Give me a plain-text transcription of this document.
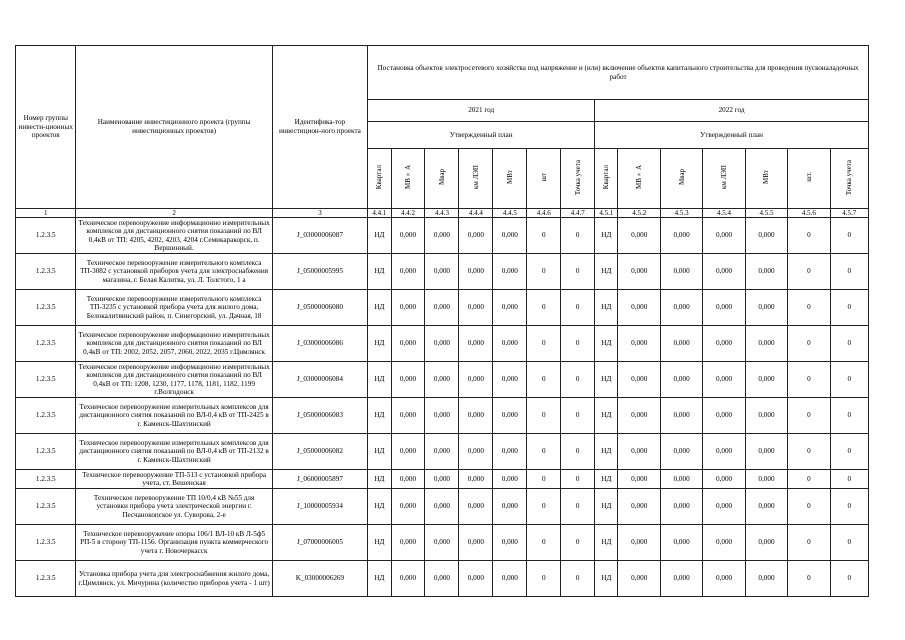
Номер группы инвести-ционных проектов	Наименование инвестиционного проекта (группы инвестиционных проектов)	Идентифика-тор инвестицион-ного проекта	Постановка объектов электросетевого хозяйства под напряжение и (или) включение объектов капитального строительства для проведения пусконаладочных работ													
			2021 год							2022 год						
			Утвержденный план							Утвержденный план						
			Квартал	МВ×А	Мвар	км ЛЭП	МВт	шт	Точка учета	Квартал	МВ×А	Мвар	км ЛЭП	МВт	шт.	Точка учета
1	2	3	4.4.1	4.4.2	4.4.3	4.4.4	4.4.5	4.4.6	4.4.7	4.5.1	4.5.2	4.5.3	4.5.4	4.5.5	4.5.6	4.5.7
1.2.3.5	Техническое перевооружение информационно измерительных комплексов для дистанционного снятия показаний по ВЛ 0,4кВ от ТП: 4205, 4202, 4203, 4204 г.Семикаракорск, п. Вершинный.	J_03000006087	НД	0,000	0,000	0,000	0,000	0	0	НД	0,000	0,000	0,000	0,000	0	0
1.2.3.5	Техническое перевооружение измерительного комплекса ТП-3082 с установкой приборов учета для электроснабжения магазина, г. Белая Калитва, ул. Л. Толстого, 1 а	J_05000005995	НД	0,000	0,000	0,000	0,000	0	0	НД	0,000	0,000	0,000	0,000	0	0
1.2.3.5	Техническое перевооружение измерительного комплекса ТП-3235 с установкой прибора учета для жилого дома, Белокалитвинский район, п. Синегорский, ул. Дачная, 18	J_05000006080	НД	0,000	0,000	0,000	0,000	0	0	НД	0,000	0,000	0,000	0,000	0	0
1.2.3.5	Техническое перевооружение информационно измерительных комплексов для дистанционного снятия показаний по ВЛ 0,4кВ от ТП: 2002, 2052, 2057, 2060, 2022, 2035 г.Цимлянск	J_03000006086	НД	0,000	0,000	0,000	0,000	0	0	НД	0,000	0,000	0,000	0,000	0	0
1.2.3.5	Техническое перевооружение информационно измерительных комплексов для дистанционного снятия показаний по ВЛ 0,4кВ от ТП: 1208, 1230, 1177, 1178, 1181, 1182, 1199 г.Волгодонск	J_03000006084	НД	0,000	0,000	0,000	0,000	0	0	НД	0,000	0,000	0,000	0,000	0	0
1.2.3.5	Техническое перевооружение измерительных комплексов для дистанционного снятия показаний по ВЛ-0,4 кВ от ТП-2425 в г. Каменск-Шахтинский	J_05000006083	НД	0,000	0,000	0,000	0,000	0	0	НД	0,000	0,000	0,000	0,000	0	0
1.2.3.5	Техническое перевооружение измерительных комплексов для дистанционного снятия показаний по ВЛ-0,4 кВ от ТП-2132 в г. Каменск-Шахтинский	J_05000006082	НД	0,000	0,000	0,000	0,000	0	0	НД	0,000	0,000	0,000	0,000	0	0
1.2.3.5	Техническое перевооружение ТП-513 с установкой прибора учета, ст. Вешенская	J_06000005897	НД	0,000	0,000	0,000	0,000	0	0	НД	0,000	0,000	0,000	0,000	0	0
1.2.3.5	Техническое перевооружение ТП 10/0,4 кВ №55 для установки прибора учета электрической энергии г. Песчанокопское ул. Суворова, 2-е	J_10000005934	НД	0,000	0,000	0,000	0,000	0	0	НД	0,000	0,000	0,000	0,000	0	0
1.2.3.5	Техническое перевооружение опоры 106/1 ВЛ-10 кВ Л-5ф5 РП-5 в сторону ТП-1156. Организация пункта коммерческого учета г. Новочеркасск	J_07000006005	НД	0,000	0,000	0,000	0,000	0	0	НД	0,000	0,000	0,000	0,000	0	0
1.2.3.5	Установка прибора учета для электроснабжения жилого дома, г.Цимлянск, ул. Мичурина (количество приборов учета - 1 шт)	K_03000006269	НД	0,000	0,000	0,000	0,000	0	0	НД	0,000	0,000	0,000	0,000	0	0
